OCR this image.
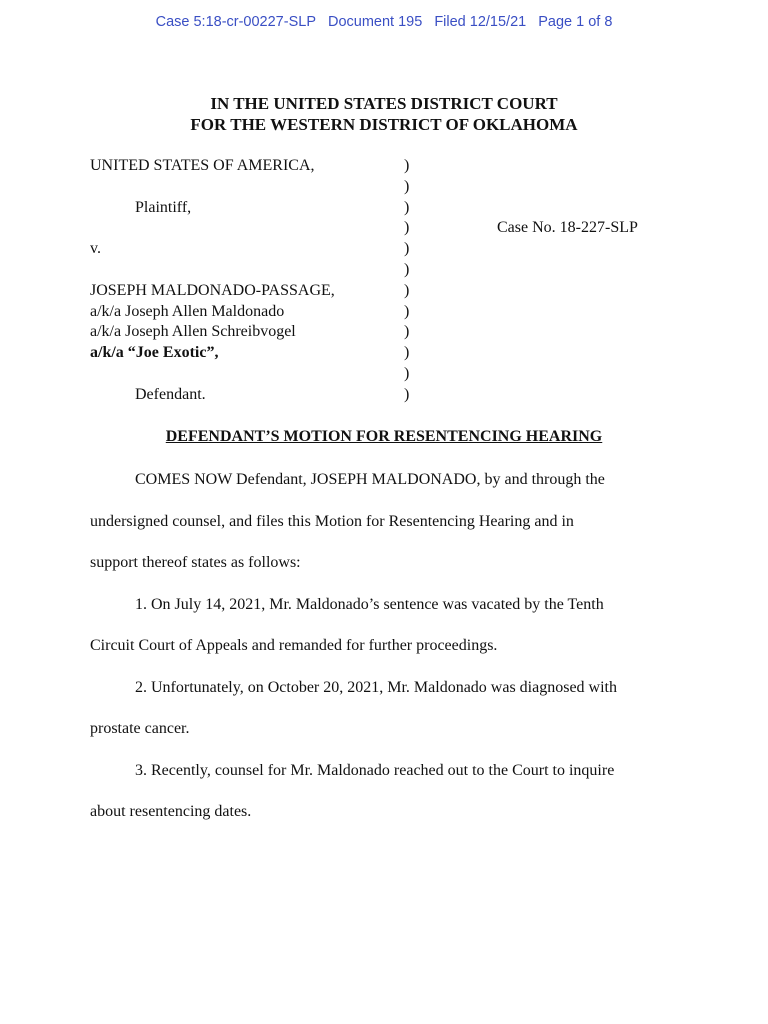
Case 5:18-cr-00227-SLP Document 195 Filed 12/15/21 Page 1 of 8
IN THE UNITED STATES DISTRICT COURT
FOR THE WESTERN DISTRICT OF OKLAHOMA
UNITED STATES OF AMERICA,
Plaintiff,
v.
JOSEPH MALDONADO-PASSAGE,
a/k/a Joseph Allen Maldonado
a/k/a Joseph Allen Schreibvogel
a/k/a “Joe Exotic”,
Defendant.
)
)
)
)
)
)
)
)
)
)
)
)
Case No. 18-227-SLP
DEFENDANT’S MOTION FOR RESENTENCING HEARING
COMES NOW Defendant, JOSEPH MALDONADO, by and through the
undersigned counsel, and files this Motion for Resentencing Hearing and in
support thereof states as follows:
1. On July 14, 2021, Mr. Maldonado’s sentence was vacated by the Tenth
Circuit Court of Appeals and remanded for further proceedings.
2. Unfortunately, on October 20, 2021, Mr. Maldonado was diagnosed with
prostate cancer.
3. Recently, counsel for Mr. Maldonado reached out to the Court to inquire
about resentencing dates.
